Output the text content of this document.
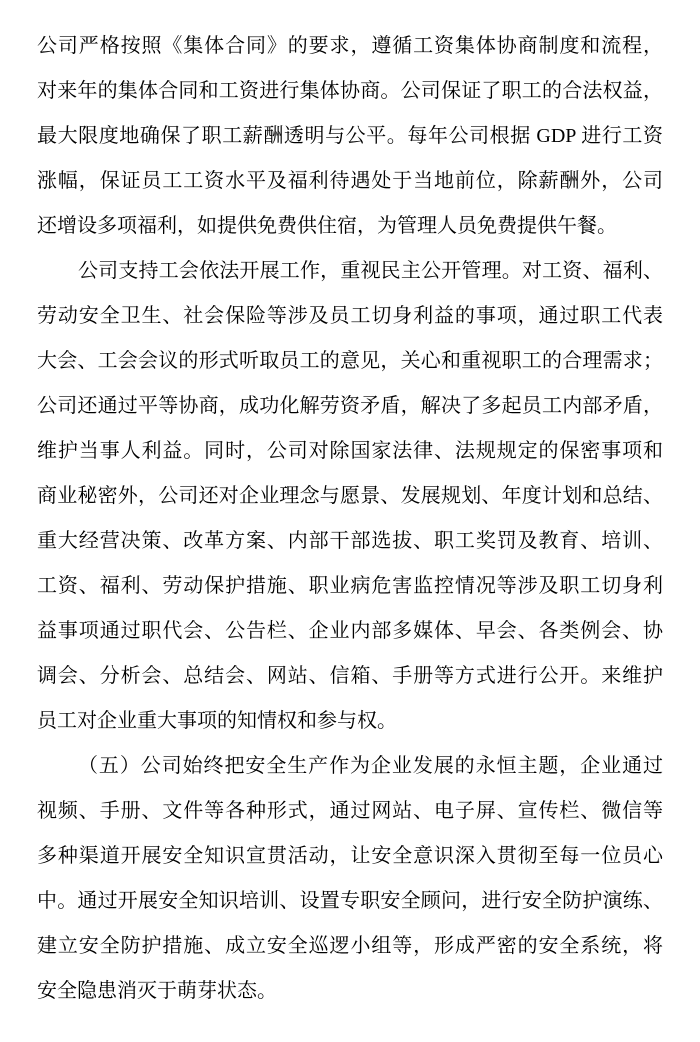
公司严格按照《集体合同》的要求，遵循工资集体协商制度和流程，
对来年的集体合同和工资进行集体协商。公司保证了职工的合法权益，
最大限度地确保了职工薪酬透明与公平。每年公司根据 GDP 进行工资
涨幅，保证员工工资水平及福利待遇处于当地前位，除薪酬外，公司
还增设多项福利，如提供免费供住宿，为管理人员免费提供午餐。

公司支持工会依法开展工作，重视民主公开管理。对工资、福利、
劳动安全卫生、社会保险等涉及员工切身利益的事项，通过职工代表
大会、工会会议的形式听取员工的意见，关心和重视职工的合理需求；
公司还通过平等协商，成功化解劳资矛盾，解决了多起员工内部矛盾，
维护当事人利益。同时，公司对除国家法律、法规规定的保密事项和
商业秘密外，公司还对企业理念与愿景、发展规划、年度计划和总结、
重大经营决策、改革方案、内部干部选拔、职工奖罚及教育、培训、
工资、福利、劳动保护措施、职业病危害监控情况等涉及职工切身利
益事项通过职代会、公告栏、企业内部多媒体、早会、各类例会、协
调会、分析会、总结会、网站、信箱、手册等方式进行公开。来维护
员工对企业重大事项的知情权和参与权。

（五）公司始终把安全生产作为企业发展的永恒主题，企业通过
视频、手册、文件等各种形式，通过网站、电子屏、宣传栏、微信等
多种渠道开展安全知识宣贯活动，让安全意识深入贯彻至每一位员心
中。通过开展安全知识培训、设置专职安全顾问，进行安全防护演练、
建立安全防护措施、成立安全巡逻小组等，形成严密的安全系统，将
安全隐患消灭于萌芽状态。
